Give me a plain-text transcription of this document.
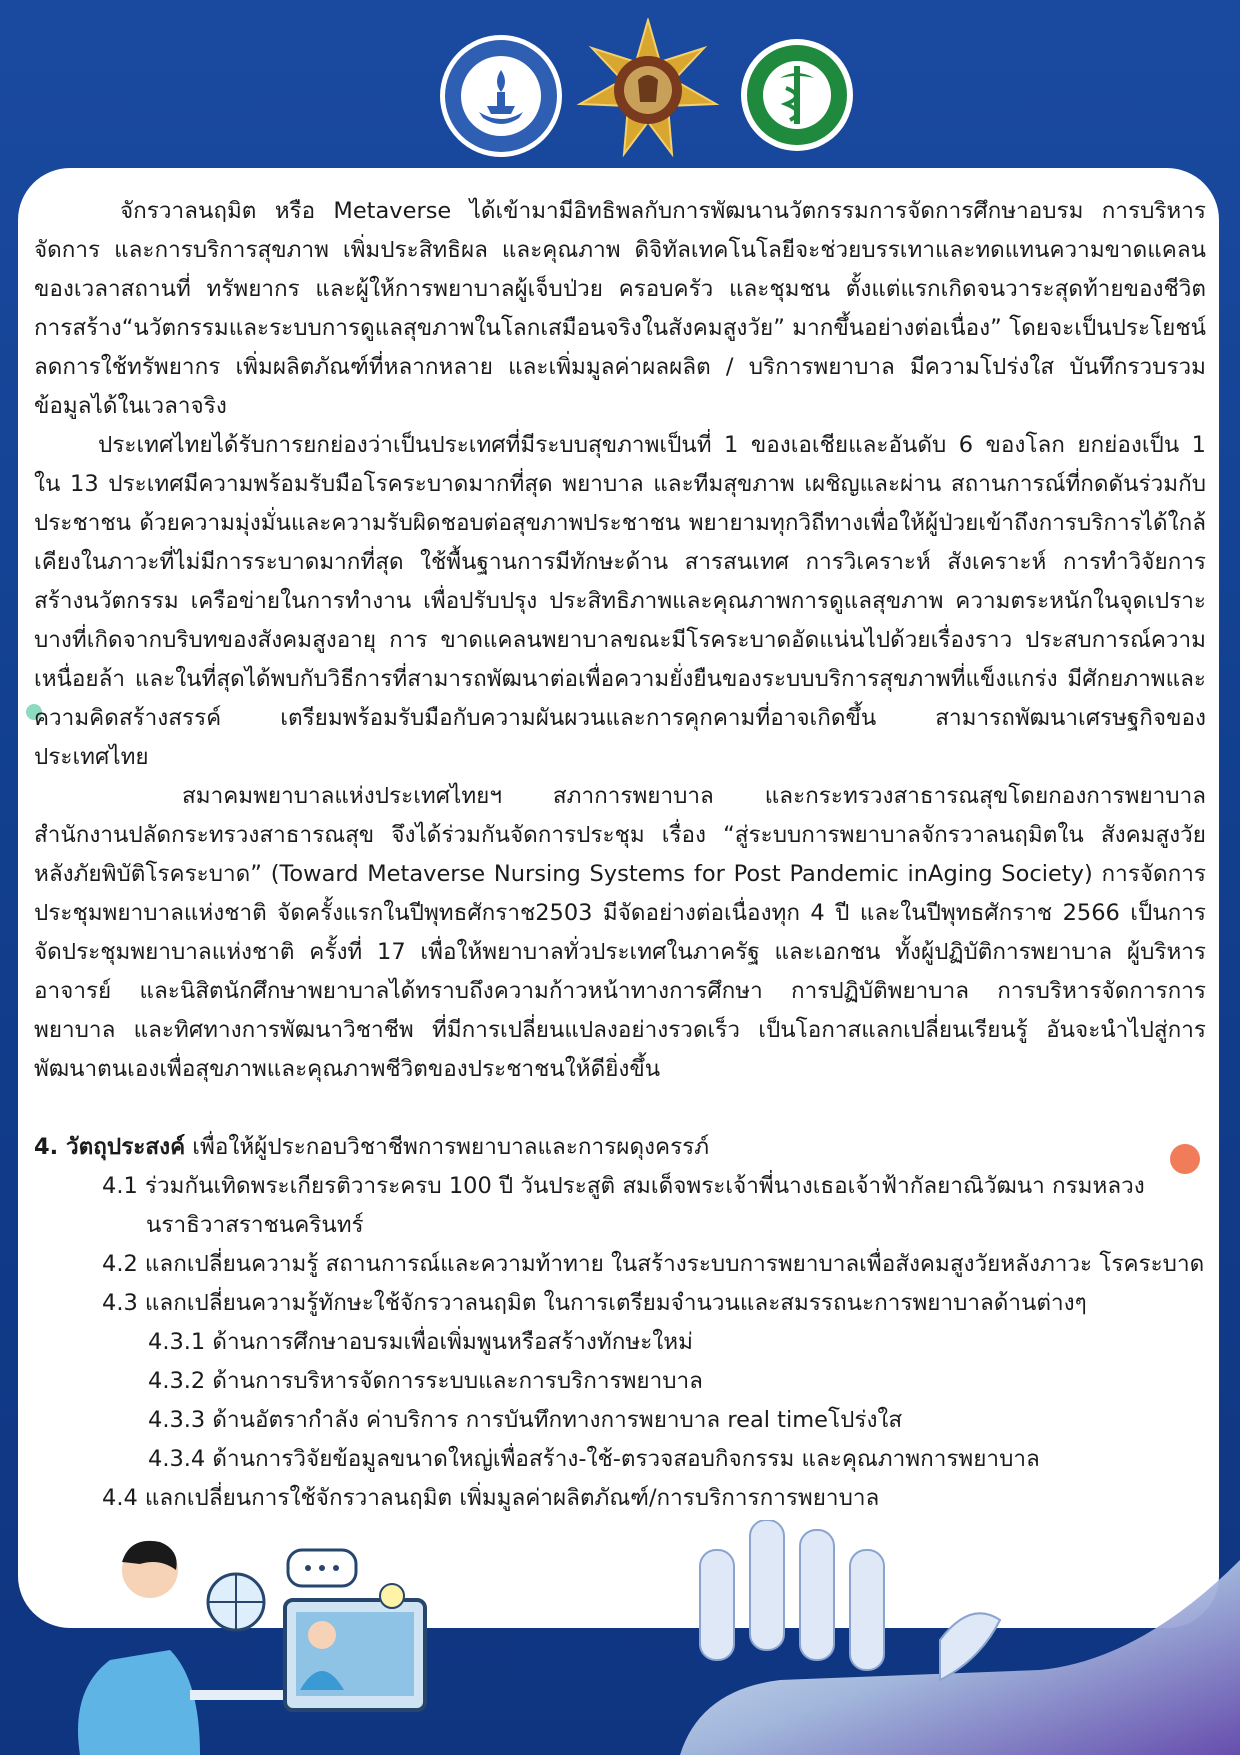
จักรวาลนฤมิต หรือ Metaverse ได้เข้ามามีอิทธิพลกับการพัฒนานวัตกรรมการจัดการศึกษาอบรม การบริหารจัดการ และการบริการสุขภาพ เพิ่มประสิทธิผล และคุณภาพ ดิจิทัลเทคโนโลยีจะช่วยบรรเทาและทดแทนความขาดแคลนของเวลาสถานที่ ทรัพยากร และผู้ให้การพยาบาลผู้เจ็บป่วย ครอบครัว และชุมชน ตั้งแต่แรกเกิดจนวาระสุดท้ายของชีวิต การสร้าง“นวัตกรรมและระบบการดูแลสุขภาพในโลกเสมือนจริงในสังคมสูงวัย” มากขึ้นอย่างต่อเนื่อง” โดยจะเป็นประโยชน์ ลดการใช้ทรัพยากร เพิ่มผลิตภัณฑ์ที่หลากหลาย และเพิ่มมูลค่าผลผลิต / บริการพยาบาล มีความโปร่งใส บันทึกรวบรวมข้อมูลได้ในเวลาจริง

ประเทศไทยได้รับการยกย่องว่าเป็นประเทศที่มีระบบสุขภาพเป็นที่ 1 ของเอเชียและอันดับ 6 ของโลก ยกย่องเป็น 1 ใน 13 ประเทศมีความพร้อมรับมือโรคระบาดมากที่สุด พยาบาล และทีมสุขภาพ เผชิญและผ่าน สถานการณ์ที่กดดันร่วมกับประชาชน ด้วยความมุ่งมั่นและความรับผิดชอบต่อสุขภาพประชาชน พยายามทุกวิถีทางเพื่อให้ผู้ป่วยเข้าถึงการบริการได้ใกล้เคียงในภาวะที่ไม่มีการระบาดมากที่สุด ใช้พื้นฐานการมีทักษะด้าน สารสนเทศ การวิเคราะห์ สังเคราะห์ การทำวิจัยการสร้างนวัตกรรม เครือข่ายในการทำงาน เพื่อปรับปรุง ประสิทธิภาพและคุณภาพการดูแลสุขภาพ ความตระหนักในจุดเปราะบางที่เกิดจากบริบทของสังคมสูงอายุ การ ขาดแคลนพยาบาลขณะมีโรคระบาดอัดแน่นไปด้วยเรื่องราว ประสบการณ์ความเหนื่อยล้า และในที่สุดได้พบกับวิธีการที่สามารถพัฒนาต่อเพื่อความยั่งยืนของระบบบริการสุขภาพที่แข็งแกร่ง มีศักยภาพและความคิดสร้างสรรค์ เตรียมพร้อมรับมือกับความผันผวนและการคุกคามที่อาจเกิดขึ้น สามารถพัฒนาเศรษฐกิจของประเทศไทย

สมาคมพยาบาลแห่งประเทศไทยฯ สภาการพยาบาล และกระทรวงสาธารณสุขโดยกองการพยาบาล สำนักงานปลัดกระทรวงสาธารณสุข จึงได้ร่วมกันจัดการประชุม เรื่อง “สู่ระบบการพยาบาลจักรวาลนฤมิตใน สังคมสูงวัย หลังภัยพิบัติโรคระบาด” (Toward Metaverse Nursing Systems for Post Pandemic inAging Society) การจัดการประชุมพยาบาลแห่งชาติ จัดครั้งแรกในปีพุทธศักราช2503 มีจัดอย่างต่อเนื่องทุก 4 ปี และในปีพุทธศักราช 2566 เป็นการจัดประชุมพยาบาลแห่งชาติ ครั้งที่ 17 เพื่อให้พยาบาลทั่วประเทศในภาครัฐ และเอกชน ทั้งผู้ปฏิบัติการพยาบาล ผู้บริหาร อาจารย์ และนิสิตนักศึกษาพยาบาลได้ทราบถึงความก้าวหน้าทางการศึกษา การปฏิบัติพยาบาล การบริหารจัดการการพยาบาล และทิศทางการพัฒนาวิชาชีพ ที่มีการเปลี่ยนแปลงอย่างรวดเร็ว เป็นโอกาสแลกเปลี่ยนเรียนรู้ อันจะนำไปสู่การพัฒนาตนเองเพื่อสุขภาพและคุณภาพชีวิตของประชาชนให้ดียิ่งขึ้น

4. วัตถุประสงค์ เพื่อให้ผู้ประกอบวิชาชีพการพยาบาลและการผดุงครรภ์

4.1 ร่วมกันเทิดพระเกียรติวาระครบ 100 ปี วันประสูติ สมเด็จพระเจ้าพี่นางเธอเจ้าฟ้ากัลยาณิวัฒนา กรมหลวงนราธิวาสราชนครินทร์

4.2 แลกเปลี่ยนความรู้ สถานการณ์และความท้าทาย ในสร้างระบบการพยาบาลเพื่อสังคมสูงวัยหลังภาวะ โรคระบาด

4.3 แลกเปลี่ยนความรู้ทักษะใช้จักรวาลนฤมิต ในการเตรียมจำนวนและสมรรถนะการพยาบาลด้านต่างๆ

4.3.1 ด้านการศึกษาอบรมเพื่อเพิ่มพูนหรือสร้างทักษะใหม่

4.3.2 ด้านการบริหารจัดการระบบและการบริการพยาบาล

4.3.3 ด้านอัตรากำลัง ค่าบริการ การบันทึกทางการพยาบาล real timeโปร่งใส

4.3.4 ด้านการวิจัยข้อมูลขนาดใหญ่เพื่อสร้าง-ใช้-ตรวจสอบกิจกรรม และคุณภาพการพยาบาล

4.4 แลกเปลี่ยนการใช้จักรวาลนฤมิต เพิ่มมูลค่าผลิตภัณฑ์/การบริการการพยาบาล
